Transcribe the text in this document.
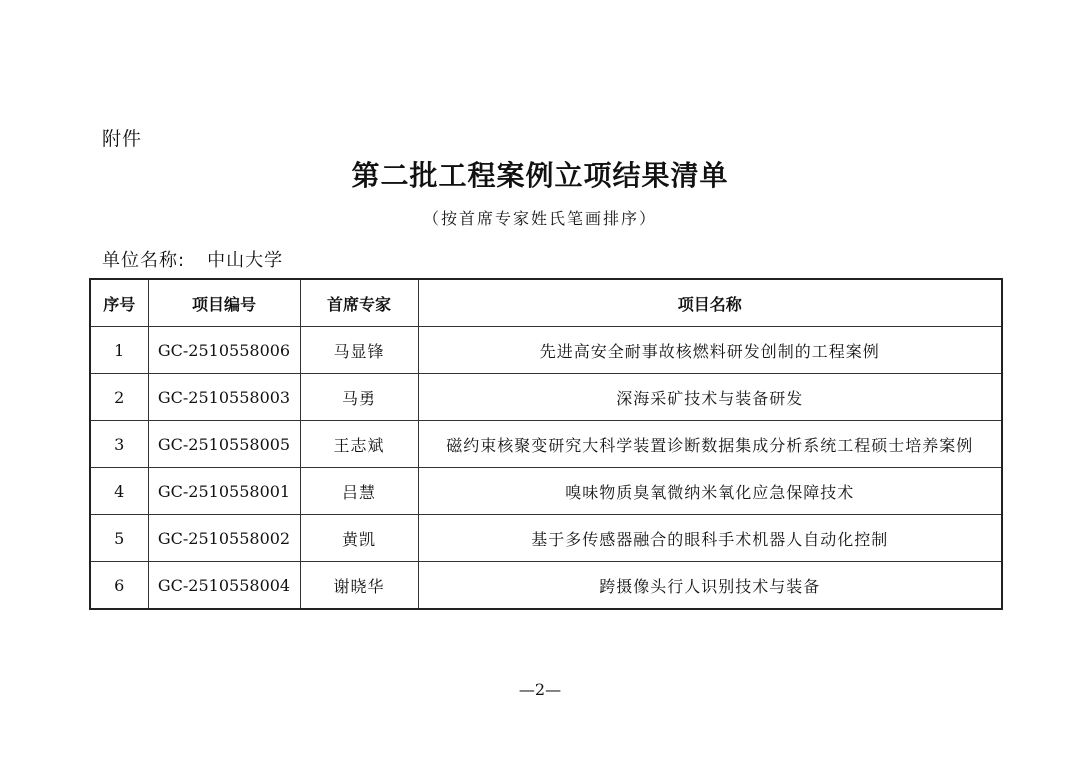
附件
第二批工程案例立项结果清单
（按首席专家姓氏笔画排序）
单位名称: 中山大学
序号	项目编号	首席专家	项目名称
1	GC-2510558006	马显锋	先进高安全耐事故核燃料研发创制的工程案例
2	GC-2510558003	马勇	深海采矿技术与装备研发
3	GC-2510558005	王志斌	磁约束核聚变研究大科学装置诊断数据集成分析系统工程硕士培养案例
4	GC-2510558001	吕慧	嗅味物质臭氧微纳米氧化应急保障技术
5	GC-2510558002	黄凯	基于多传感器融合的眼科手术机器人自动化控制
6	GC-2510558004	谢晓华	跨摄像头行人识别技术与装备
—2—
